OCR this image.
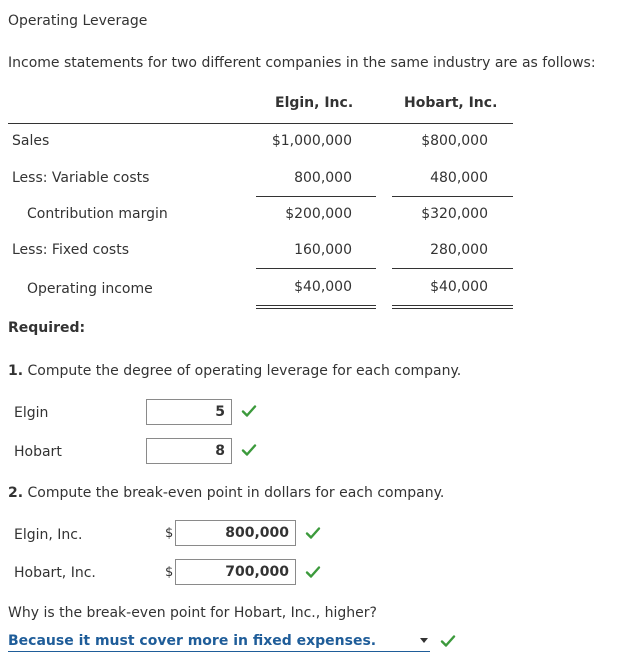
Operating Leverage
Income statements for two different companies in the same industry are as follows:
Elgin, Inc.	Hobart, Inc.
Sales	$1,000,000	$800,000
Less: Variable costs	800,000	480,000
Contribution margin	$200,000	$320,000
Less: Fixed costs	160,000	280,000
Operating income	$40,000	$40,000
Required:
1. Compute the degree of operating leverage for each company.
Elgin	5
Hobart	8
2. Compute the break-even point in dollars for each company.
Elgin, Inc.	$	800,000
Hobart, Inc.	$	700,000
Why is the break-even point for Hobart, Inc., higher?
Because it must cover more in fixed expenses.
